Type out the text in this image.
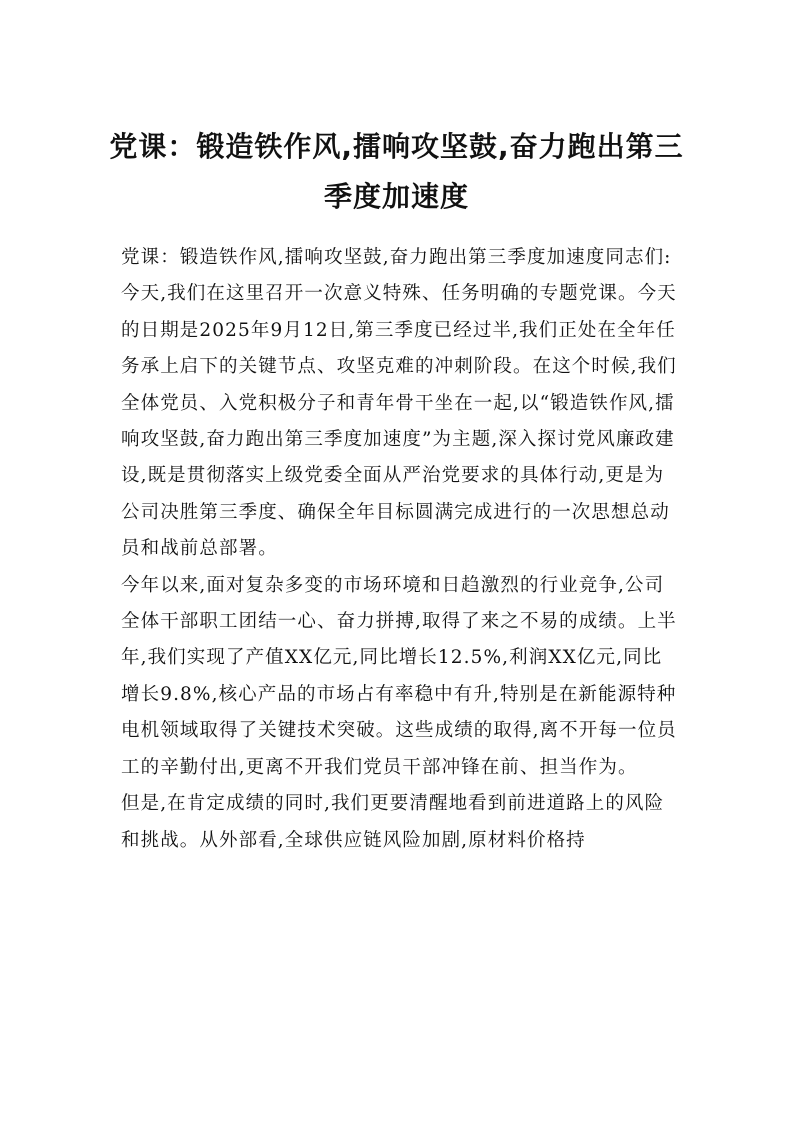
党课：锻造铁作风,擂响攻坚鼓,奋力跑出第三季度加速度

党课：锻造铁作风,擂响攻坚鼓,奋力跑出第三季度加速度同志们:

今天,我们在这里召开一次意义特殊、任务明确的专题党课。今天的日期是2025年9月12日,第三季度已经过半,我们正处在全年任务承上启下的关键节点、攻坚克难的冲刺阶段。在这个时候,我们全体党员、入党积极分子和青年骨干坐在一起,以“锻造铁作风,擂响攻坚鼓,奋力跑出第三季度加速度”为主题,深入探讨党风廉政建设,既是贯彻落实上级党委全面从严治党要求的具体行动,更是为公司决胜第三季度、确保全年目标圆满完成进行的一次思想总动员和战前总部署。

今年以来,面对复杂多变的市场环境和日趋激烈的行业竞争,公司全体干部职工团结一心、奋力拼搏,取得了来之不易的成绩。上半年,我们实现了产值XX亿元,同比增长12.5%,利润XX亿元,同比增长9.8%,核心产品的市场占有率稳中有升,特别是在新能源特种电机领域取得了关键技术突破。这些成绩的取得,离不开每一位员工的辛勤付出,更离不开我们党员干部冲锋在前、担当作为。

但是,在肯定成绩的同时,我们更要清醒地看到前进道路上的风险和挑战。从外部看,全球供应链风险加剧,原材料价格持
